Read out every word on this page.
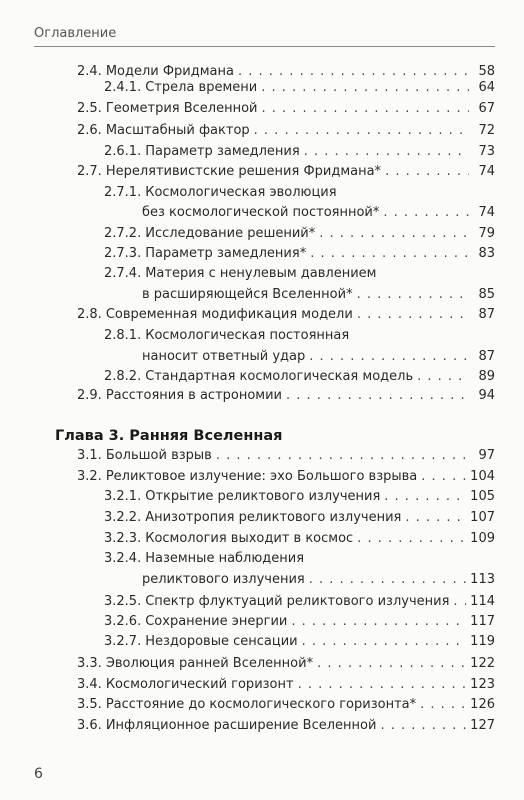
Оглавление
2.4. Модели Фридмана . . .	58
2.4.1. Стрела времени . . .	64
2.5. Геометрия Вселенной . . .	67
2.6. Масштабный фактор . . .	72
2.6.1. Параметр замедления . . .	73
2.7. Нерелятивистские решения Фридмана* . . .	74
2.7.1. Космологическая эволюция
без космологической постоянной* . . .	74
2.7.2. Исследование решений* . . .	79
2.7.3. Параметр замедления* . . .	83
2.7.4. Материя с ненулевым давлением
в расширяющейся Вселенной* . . .	85
2.8. Современная модификация модели . . .	87
2.8.1. Космологическая постоянная
наносит ответный удар . . .	87
2.8.2. Стандартная космологическая модель . . .	89
2.9. Расстояния в астрономии . . .	94
3.1. Большой взрыв . . .	97
3.2. Реликтовое излучение: эхо Большого взрыва . . .	104
3.2.1. Открытие реликтового излучения . . .	105
3.2.2. Анизотропия реликтового излучения . . .	107
3.2.3. Космология выходит в космос . . .	109
3.2.4. Наземные наблюдения
реликтового излучения . . .	113
3.2.5. Спектр флуктуаций реликтового излучения . . . 114
3.2.6. Сохранение энергии . . .	117
3.2.7. Нездоровые сенсации . . .	119
3.3. Эволюция ранней Вселенной* . . .	122
3.4. Космологический горизонт . . .	123
3.5. Расстояние до космологического горизонта* . . .	126
3.6. Инфляционное расширение Вселенной . . .	127
Глава 3. Ранняя Вселенная
6
